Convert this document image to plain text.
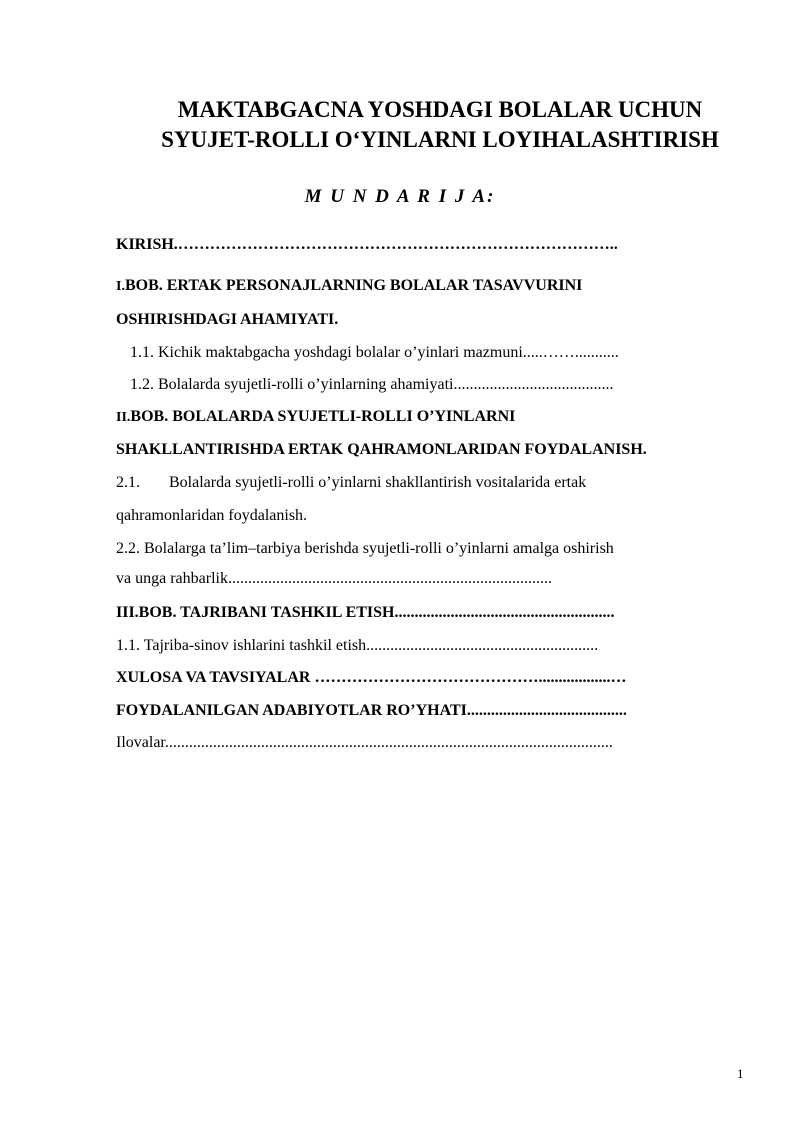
MAKTABGACNA YOSHDAGI BOLALAR UCHUN
SYUJET-ROLLI O‘YINLARNI LOYIHALASHTIRISH
M U N D A R I J A:
KIRISH.………………………………………………………………………..
I.BOB. ERTAK PERSONAJLARNING BOLALAR TASAVVURINI
OSHIRISHDAGI AHAMIYATI.
1.1. Kichik maktabgacha yoshdagi bolalar o’yinlari mazmuni.....……...........
1.2. Bolalarda syujetli-rolli o’yinlarning ahamiyati........................................
II.BOB. BOLALARDA SYUJETLI-ROLLI O’YINLARNI
SHAKLLANTIRISHDA ERTAK QAHRAMONLARIDAN FOYDALANISH.
2.1. Bolalarda syujetli-rolli o’yinlarni shakllantirish vositalarida ertak
qahramonlaridan foydalanish.
2.2. Bolalarga ta’lim–tarbiya berishda syujetli-rolli o’yinlarni amalga oshirish
va unga rahbarlik.................................................................................
III.BOB. TAJRIBANI TASHKIL ETISH.......................................................
1.1. Tajriba-sinov ishlarini tashkil etish..........................................................
XULOSA VA TAVSIYALAR ……………………………………..................…
FOYDALANILGAN ADABIYOTLAR RO’YHATI........................................
Ilovalar................................................................................................................
1
